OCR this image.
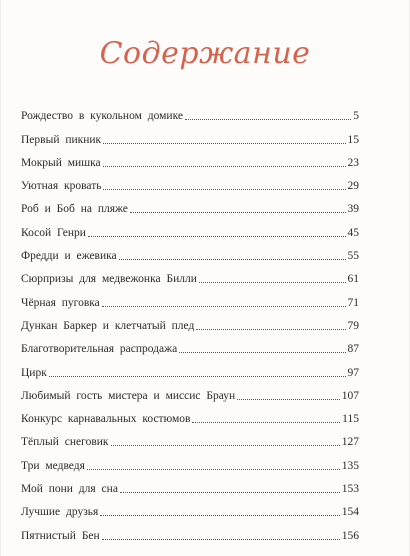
Содержание
Рождество в кукольном домике	5
Первый пикник	15
Мокрый мишка	23
Уютная кровать	29
Роб и Боб на пляже	39
Косой Генри	45
Фредди и ежевика	55
Сюрпризы для медвежонка Билли	61
Чёрная пуговка	71
Дункан Баркер и клетчатый плед	79
Благотворительная распродажа	87
Цирк	97
Любимый гость мистера и миссис Браун	107
Конкурс карнавальных костюмов	115
Тёплый снеговик	127
Три медведя	135
Мой пони для сна	153
Лучшие друзья	154
Пятнистый Бен	156
